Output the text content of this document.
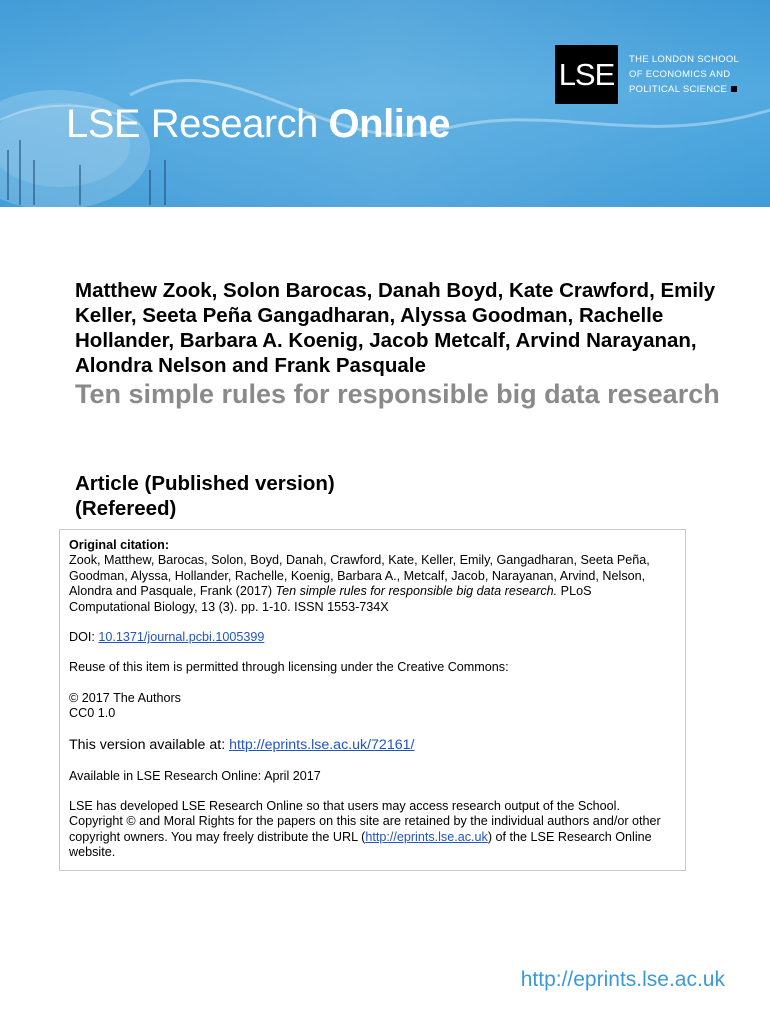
LSE	THE LONDON SCHOOL
OF ECONOMICS AND
POLITICAL SCIENCE
LSE Research Online

Matthew Zook, Solon Barocas, Danah Boyd, Kate Crawford, Emily Keller, Seeta Peña Gangadharan, Alyssa Goodman, Rachelle Hollander, Barbara A. Koenig, Jacob Metcalf, Arvind Narayanan, Alondra Nelson and Frank Pasquale

Ten simple rules for responsible big data research
Article (Published version)
(Refereed)

Original citation:
Zook, Matthew, Barocas, Solon, Boyd, Danah, Crawford, Kate, Keller, Emily, Gangadharan, Seeta Peña, Goodman, Alyssa, Hollander, Rachelle, Koenig, Barbara A., Metcalf, Jacob, Narayanan, Arvind, Nelson, Alondra and Pasquale, Frank (2017) Ten simple rules for responsible big data research. PLoS Computational Biology, 13 (3). pp. 1-10. ISSN 1553-734X

DOI: 10.1371/journal.pcbi.1005399

Reuse of this item is permitted through licensing under the Creative Commons:

© 2017 The Authors
CC0 1.0

This version available at: http://eprints.lse.ac.uk/72161/

Available in LSE Research Online: April 2017

LSE has developed LSE Research Online so that users may access research output of the School. Copyright © and Moral Rights for the papers on this site are retained by the individual authors and/or other copyright owners. You may freely distribute the URL (http://eprints.lse.ac.uk) of the LSE Research Online website.

http://eprints.lse.ac.uk
